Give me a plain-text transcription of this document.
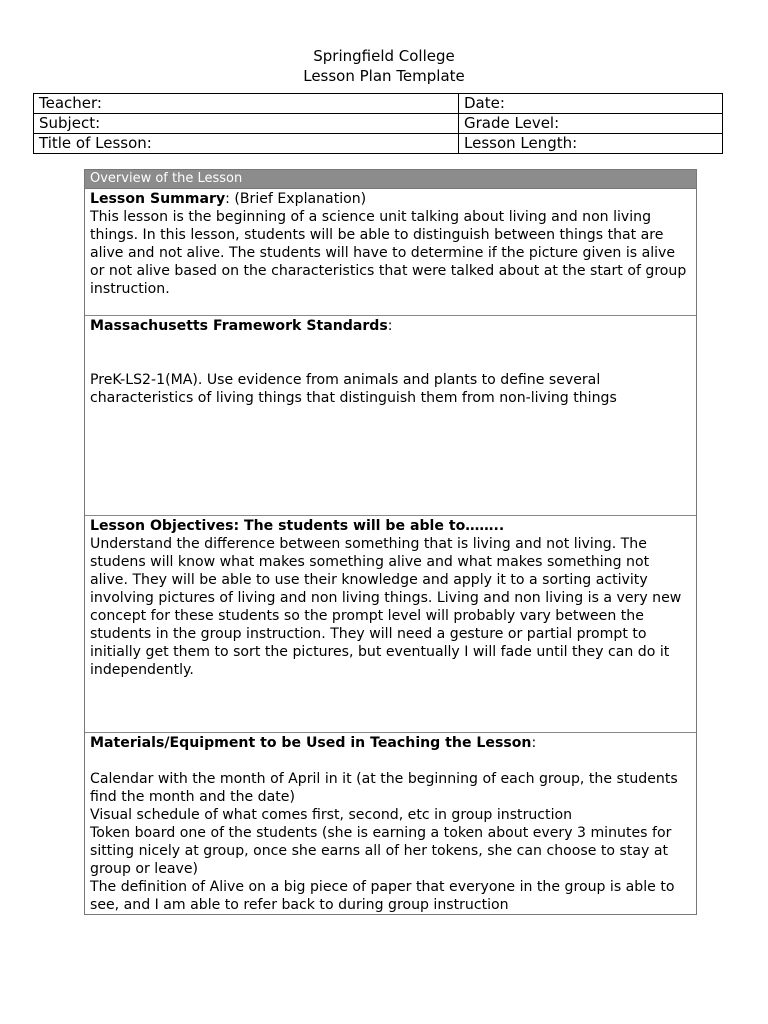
Springfield College
Lesson Plan Template
Teacher:	Date:
Subject:	Grade Level:
Title of Lesson:	Lesson Length:
Overview of the Lesson

Lesson Summary: (Brief Explanation)

This lesson is the beginning of a science unit talking about living and non living things. In this lesson, students will be able to distinguish between things that are alive and not alive. The students will have to determine if the picture given is alive or not alive based on the characteristics that were talked about at the start of group instruction.

Massachusetts Framework Standards:

PreK-LS2-1(MA). Use evidence from animals and plants to define several characteristics of living things that distinguish them from non-living things

Lesson Objectives: The students will be able to……..

Understand the difference between something that is living and not living. The studens will know what makes something alive and what makes something not alive. They will be able to use their knowledge and apply it to a sorting activity involving pictures of living and non living things. Living and non living is a very new concept for these students so the prompt level will probably vary between the students in the group instruction. They will need a gesture or partial prompt to initially get them to sort the pictures, but eventually I will fade until they can do it independently.

Materials/Equipment to be Used in Teaching the Lesson:

Calendar with the month of April in it (at the beginning of each group, the students find the month and the date)

Visual schedule of what comes first, second, etc in group instruction

Token board one of the students (she is earning a token about every 3 minutes for sitting nicely at group, once she earns all of her tokens, she can choose to stay at group or leave)

The definition of Alive on a big piece of paper that everyone in the group is able to see, and I am able to refer back to during group instruction
